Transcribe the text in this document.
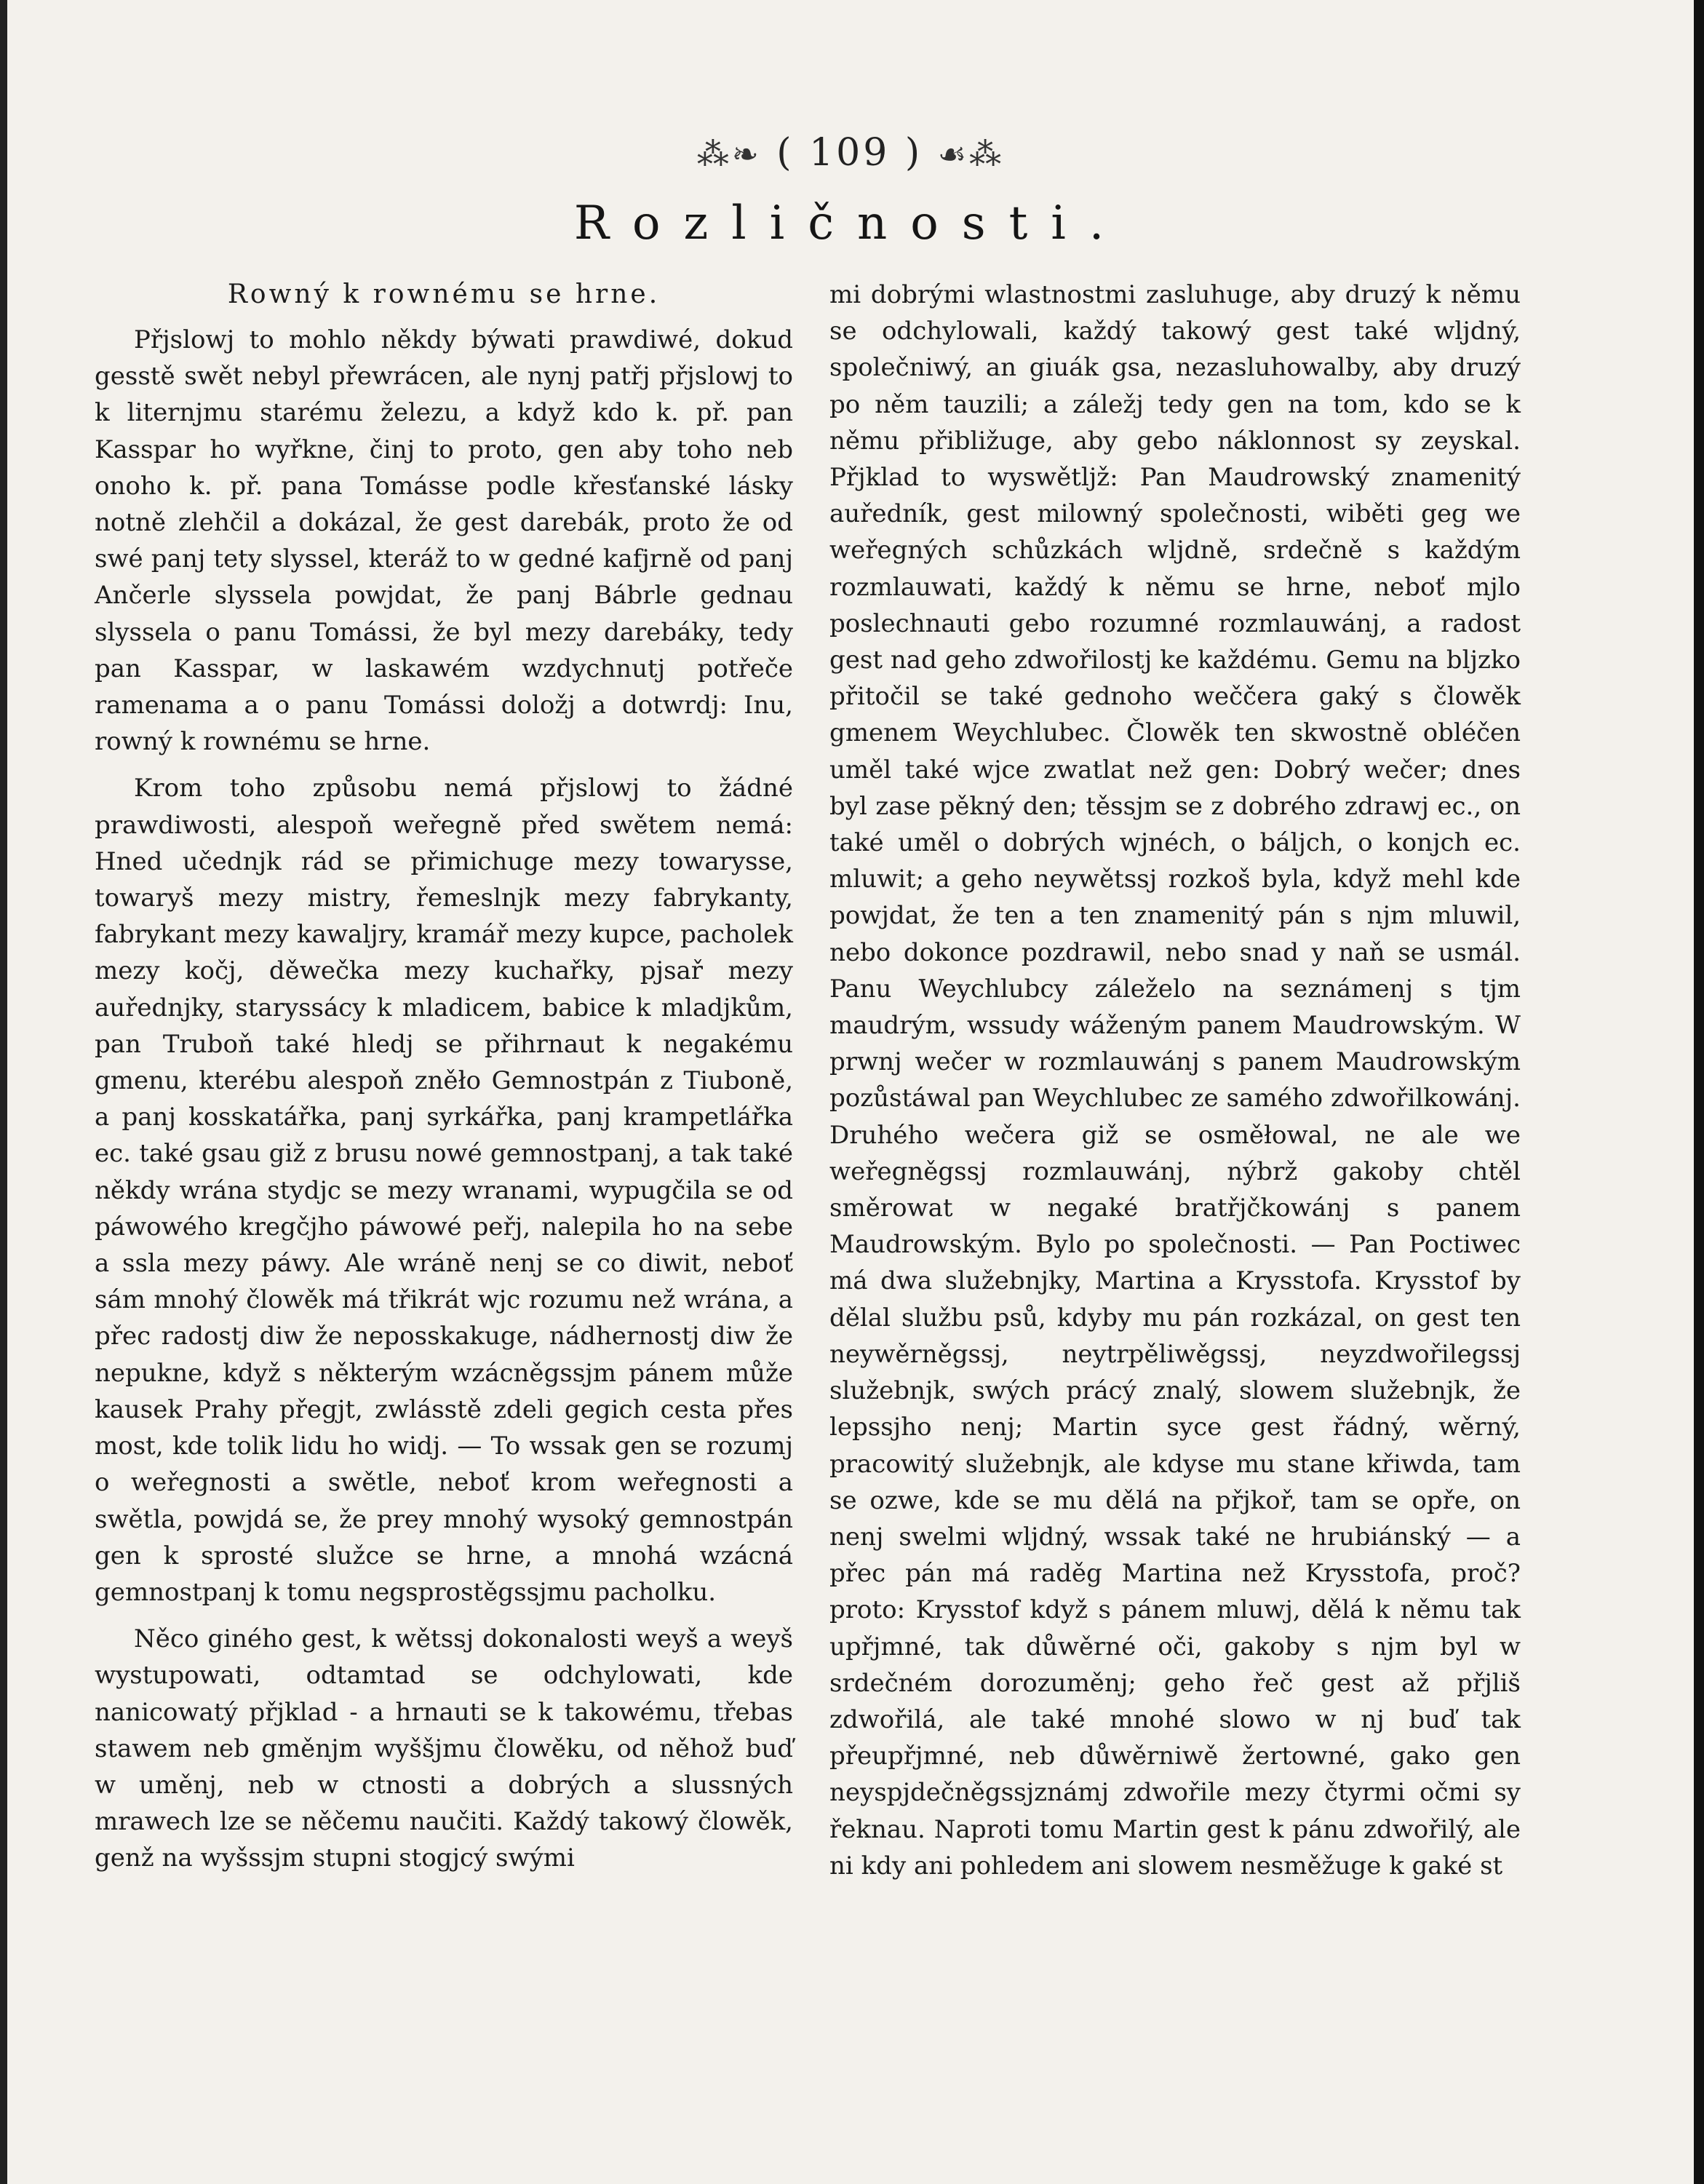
⁂❧ ( 109 ) ☙⁂
Rozličnosti.
Rowný k rownému se hrne.

Přjslowj to mohlo někdy býwati prawdiwé, dokud gesstě swět nebyl přewrácen, ale nynj patřj přjslowj to k liternjmu starému železu, a když kdo k. př. pan Kasspar ho wyřkne, činj to proto, gen aby toho neb onoho k. př. pana Tomásse podle křesťanské lásky notně zlehčil a dokázal, že gest darebák, proto že od swé panj tety slyssel, kteráž to w gedné kafjrně od panj Ančerle slyssela powjdat, že panj Bábrle gednau slyssela o panu Tomássi, že byl mezy darebáky, tedy pan Kasspar, w laskawém wzdychnutj potřeče ramenama a o panu Tomássi doložj a dotwrdj: Inu, rowný k rownému se hrne.

Krom toho způsobu nemá přjslowj to žádné prawdiwosti, alespoň weřegně před swětem nemá: Hned učednjk rád se přimichuge mezy towarysse, towaryš mezy mistry, řemeslnjk mezy fabrykanty, fabrykant mezy kawaljry, kramář mezy kupce, pacholek mezy kočj, děwečka mezy kuchařky, pjsař mezy auřednjky, staryssácy k mladicem, babice k mladjkům, pan Truboň také hledj se přihrnaut k negakému gmenu, kterébu alespoň zněło Gemnostpán z Tiuboně, a panj kosskatářka, panj syrkářka, panj krampetlářka ec. také gsau giž z brusu nowé gemnostpanj, a tak také někdy wrána stydjc se mezy wranami, wypugčila se od páwowého kregčjho páwowé peřj, nalepila ho na sebe a ssla mezy páwy. Ale wráně nenj se co diwit, neboť sám mnohý člowěk má třikrát wjc rozumu než wrána, a přec radostj diw že neposskakuge, nádhernostj diw že nepukne, když s některým wzácněgssjm pánem může kausek Prahy přegjt, zwlásstě zdeli gegich cesta přes most, kde tolik lidu ho widj. — To wssak gen se rozumj o weřegnosti a swětle, neboť krom weřegnosti a swětla, powjdá se, že prey mnohý wysoký gemnostpán gen k sprosté služce se hrne, a mnohá wzácná gemnostpanj k tomu negsprostěgssjmu pacholku.

Něco giného gest, k wětssj dokonalosti weyš a weyš wystupowati, odtamtad se odchylowati, kde nanicowatý přjklad - a hrnauti se k takowému, třebas stawem neb gměnjm wyššjmu člowěku, od něhož buď w uměnj, neb w ctnosti a dobrých a slussných mrawech lze se něčemu naučiti. Každý takowý člowěk, genž na wyšssjm stupni stogjcý swými

mi dobrými wlastnostmi zasluhuge, aby druzý k němu se odchylowali, každý takowý gest také wljdný, společniwý, an giuák gsa, nezasluhowalby, aby druzý po něm tauzili; a záležj tedy gen na tom, kdo se k němu přibližuge, aby gebo náklonnost sy zeyskal. Přjklad to wyswětljž: Pan Maudrowský znamenitý auředník, gest milowný společnosti, wiběti geg we weřegných schůzkách wljdně, srdečně s každým rozmlauwati, každý k němu se hrne, neboť mjlo poslechnauti gebo rozumné rozmlauwánj, a radost gest nad geho zdwořilostj ke každému. Gemu na bljzko přitočil se také gednoho weččera gaký s člowěk gmenem Weychlubec. Člowěk ten skwostně obléčen uměl také wjce zwatlat než gen: Dobrý wečer; dnes byl zase pěkný den; těssjm se z dobrého zdrawj ec., on také uměl o dobrých wjnéch, o báljch, o konjch ec. mluwit; a geho neywětssj rozkoš byla, když mehl kde powjdat, že ten a ten znamenitý pán s njm mluwil, nebo dokonce pozdrawil, nebo snad y naň se usmál. Panu Weychlubcy záleželo na seznámenj s tjm maudrým, wssudy wáženým panem Maudrowským. W prwnj wečer w rozmlauwánj s panem Maudrowským pozůstáwal pan Weychlubec ze samého zdwořilkowánj. Druhého wečera giž se osměłowal, ne ale we weřegněgssj rozmlauwánj, nýbrž gakoby chtěl směrowat w negaké bratřjčkowánj s panem Maudrowským. Bylo po společnosti. — Pan Poctiwec má dwa služebnjky, Martina a Krysstofa. Krysstof by dělal službu psů, kdyby mu pán rozkázal, on gest ten neywěrněgssj, neytrpěliwěgssj, neyzdwořilegssj služebnjk, swých prácý znalý, slowem služebnjk, že lepssjho nenj; Martin syce gest řádný, wěrný, pracowitý služebnjk, ale kdyse mu stane křiwda, tam se ozwe, kde se mu dělá na přjkoř, tam se opře, on nenj swelmi wljdný, wssak také ne hrubiánský — a přec pán má raděg Martina než Krysstofa, proč? proto: Krysstof když s pánem mluwj, dělá k němu tak upřjmné, tak důwěrné oči, gakoby s njm byl w srdečném dorozuměnj; geho řeč gest až přjliš zdwořilá, ale také mnohé slowo w nj buď tak přeupřjmné, neb důwěrniwě žertowné, gako gen neyspjdečněgssjznámj zdwořile mezy čtyrmi očmi sy řeknau. Naproti tomu Martin gest k pánu zdwořilý, ale ni kdy ani pohledem ani slowem nesměžuge k gaké st
